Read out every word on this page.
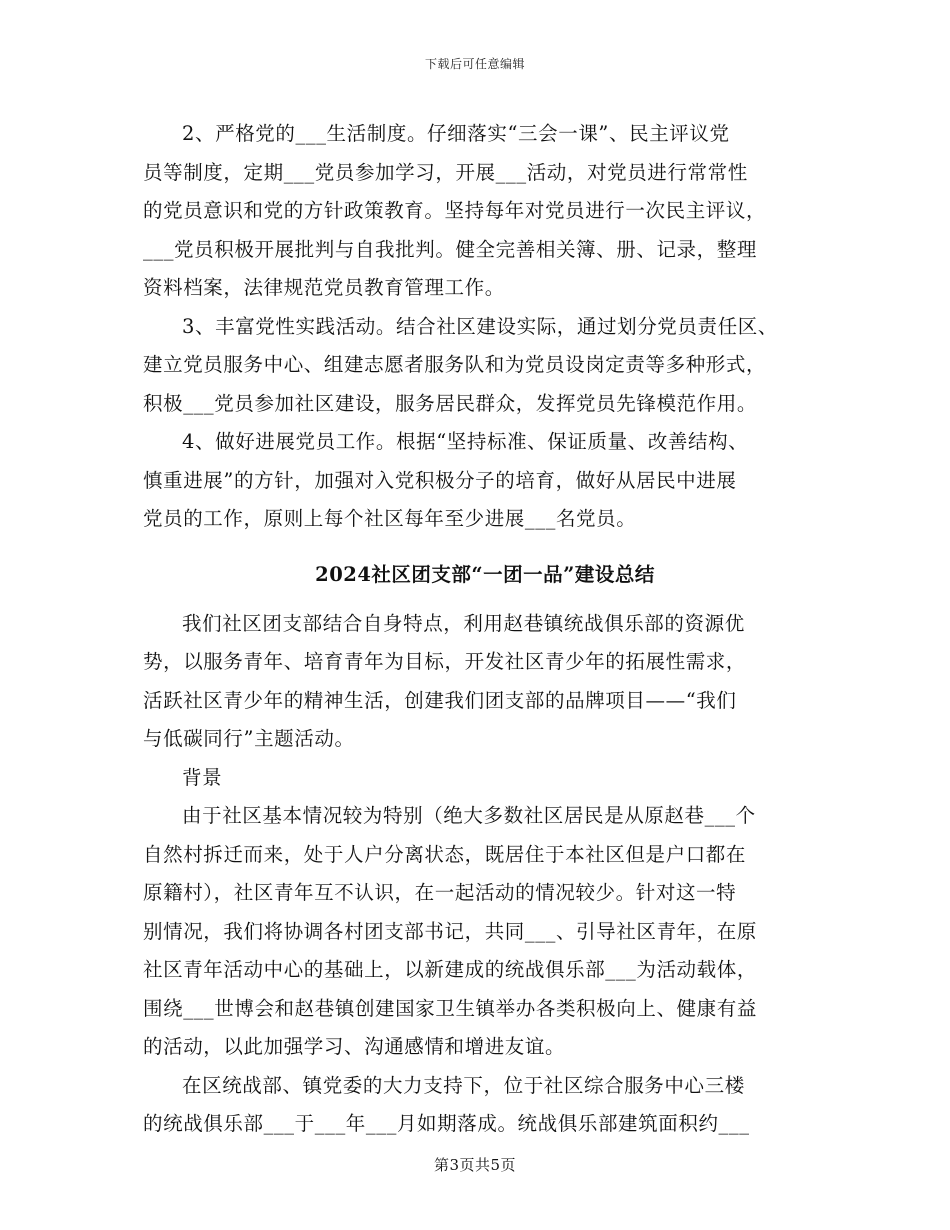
下载后可任意编辑
2、严格党的___生活制度。仔细落实“三会一课”、民主评议党
员等制度，定期___党员参加学习，开展___活动，对党员进行常常性
的党员意识和党的方针政策教育。坚持每年对党员进行一次民主评议，
___党员积极开展批判与自我批判。健全完善相关簿、册、记录，整理
资料档案，法律规范党员教育管理工作。
3、丰富党性实践活动。结合社区建设实际，通过划分党员责任区、
建立党员服务中心、组建志愿者服务队和为党员设岗定责等多种形式，
积极___党员参加社区建设，服务居民群众，发挥党员先锋模范作用。
4、做好进展党员工作。根据“坚持标准、保证质量、改善结构、
慎重进展”的方针，加强对入党积极分子的培育，做好从居民中进展
党员的工作，原则上每个社区每年至少进展___名党员。
2024社区团支部“一团一品”建设总结
我们社区团支部结合自身特点，利用赵巷镇统战俱乐部的资源优
势，以服务青年、培育青年为目标，开发社区青少年的拓展性需求，
活跃社区青少年的精神生活，创建我们团支部的品牌项目——“我们
与低碳同行”主题活动。
背景
由于社区基本情况较为特别（绝大多数社区居民是从原赵巷___个
自然村拆迁而来，处于人户分离状态，既居住于本社区但是户口都在
原籍村），社区青年互不认识，在一起活动的情况较少。针对这一特
别情况，我们将协调各村团支部书记，共同___、引导社区青年，在原
社区青年活动中心的基础上，以新建成的统战俱乐部___为活动载体，
围绕___世博会和赵巷镇创建国家卫生镇举办各类积极向上、健康有益
的活动，以此加强学习、沟通感情和增进友谊。
在区统战部、镇党委的大力支持下，位于社区综合服务中心三楼
的统战俱乐部___于___年___月如期落成。统战俱乐部建筑面积约___
第3页共5页
